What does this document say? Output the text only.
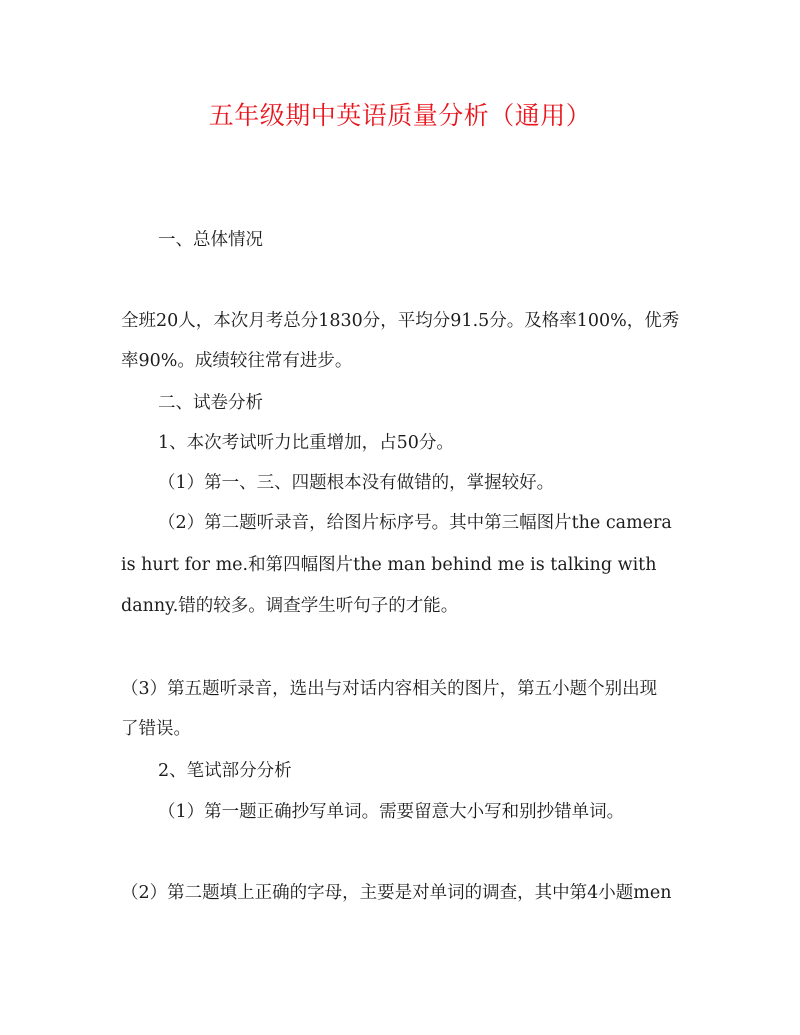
五年级期中英语质量分析（通用）
一、总体情况
全班20人，本次月考总分1830分，平均分91.5分。及格率100%，优秀
率90%。成绩较往常有进步。
二、试卷分析
1、本次考试听力比重增加，占50分。
（1）第一、三、四题根本没有做错的，掌握较好。
（2）第二题听录音，给图片标序号。其中第三幅图片the camera
is hurt for me.和第四幅图片the man behind me is talking with
danny.错的较多。调查学生听句子的才能。
（3）第五题听录音，选出与对话内容相关的图片，第五小题个别出现
了错误。
2、笔试部分分析
（1）第一题正确抄写单词。需要留意大小写和别抄错单词。
（2）第二题填上正确的字母，主要是对单词的调查，其中第4小题men
